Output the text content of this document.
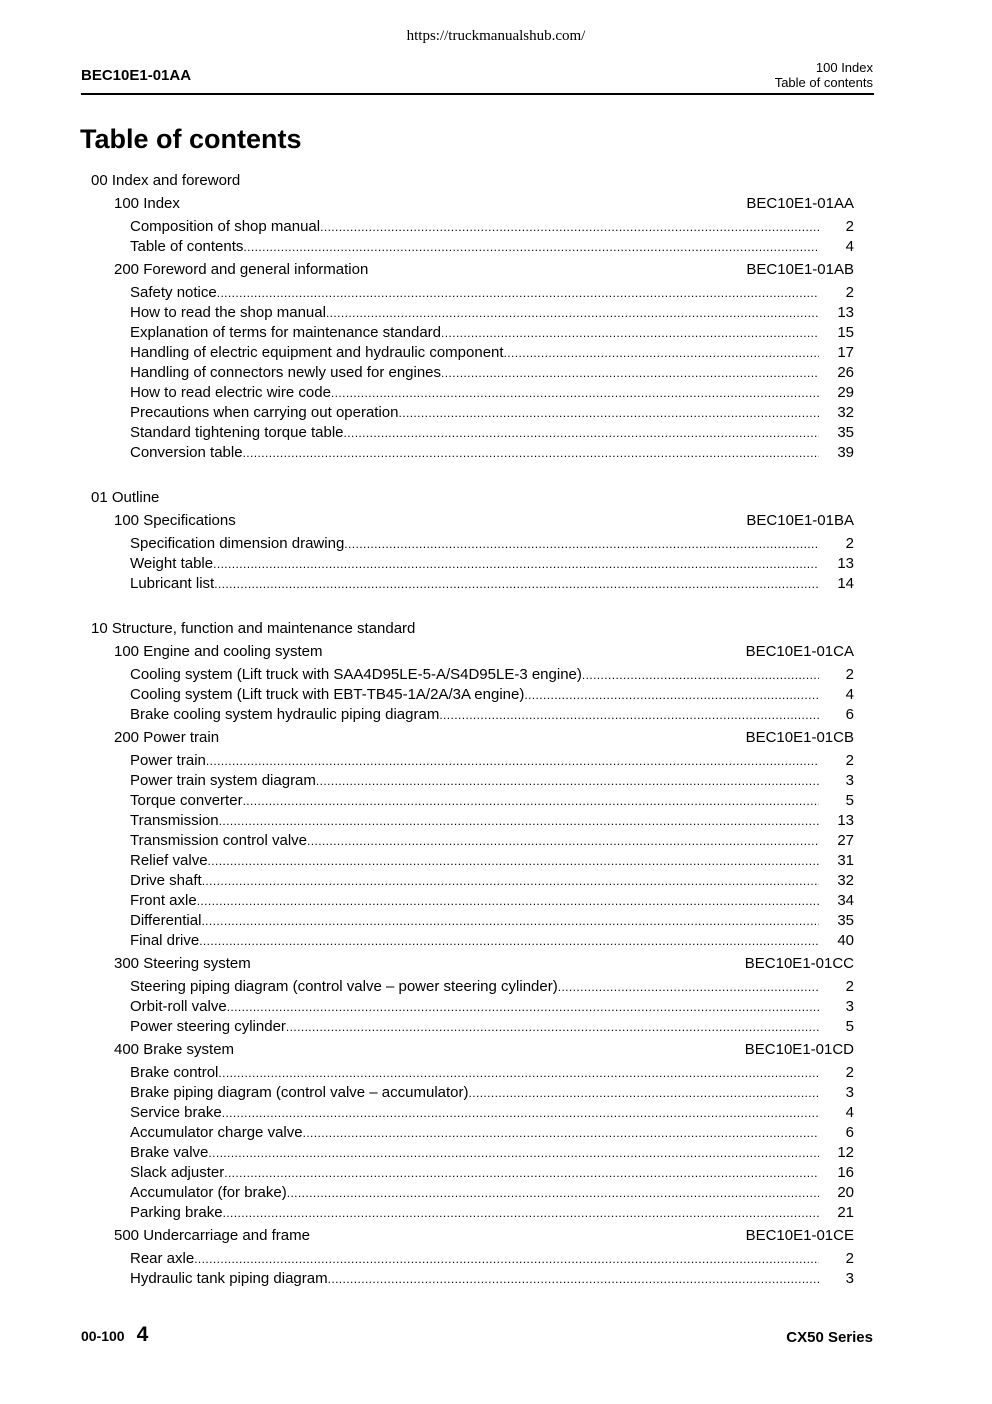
https://truckmanualshub.com/
BEC10E1-01AA	100 Index
Table of contents
Table of contents
00 Index and foreword
100 Index	BEC10E1-01AA
Composition of shop manual .....	2
Table of contents .....	4
200 Foreword and general information	BEC10E1-01AB
Safety notice .....	2
How to read the shop manual .....	13
Explanation of terms for maintenance standard .....	15
Handling of electric equipment and hydraulic component .....	17
Handling of connectors newly used for engines .....	26
How to read electric wire code .....	29
Precautions when carrying out operation .....	32
Standard tightening torque table .....	35
Conversion table .....	39
01 Outline
100 Specifications	BEC10E1-01BA
Specification dimension drawing .....	2
Weight table .....	13
Lubricant list .....	14
10 Structure, function and maintenance standard
100 Engine and cooling system	BEC10E1-01CA
Cooling system (Lift truck with SAA4D95LE-5-A/S4D95LE-3 engine) .....	2
Cooling system (Lift truck with EBT-TB45-1A/2A/3A engine) .....	4
Brake cooling system hydraulic piping diagram .....	6
200 Power train	BEC10E1-01CB
Power train .....	2
Power train system diagram .....	3
Torque converter .....	5
Transmission .....	13
Transmission control valve .....	27
Relief valve .....	31
Drive shaft .....	32
Front axle .....	34
Differential .....	35
Final drive .....	40
300 Steering system	BEC10E1-01CC
Steering piping diagram (control valve – power steering cylinder) .....	2
Orbit-roll valve .....	3
Power steering cylinder .....	5
400 Brake system	BEC10E1-01CD
Brake control .....	2
Brake piping diagram (control valve – accumulator) .....	3
Service brake .....	4
Accumulator charge valve .....	6
Brake valve .....	12
Slack adjuster .....	16
Accumulator (for brake) .....	20
Parking brake .....	21
500 Undercarriage and frame	BEC10E1-01CE
Rear axle .....	2
Hydraulic tank piping diagram .....	3
00-100 4	CX50 Series
